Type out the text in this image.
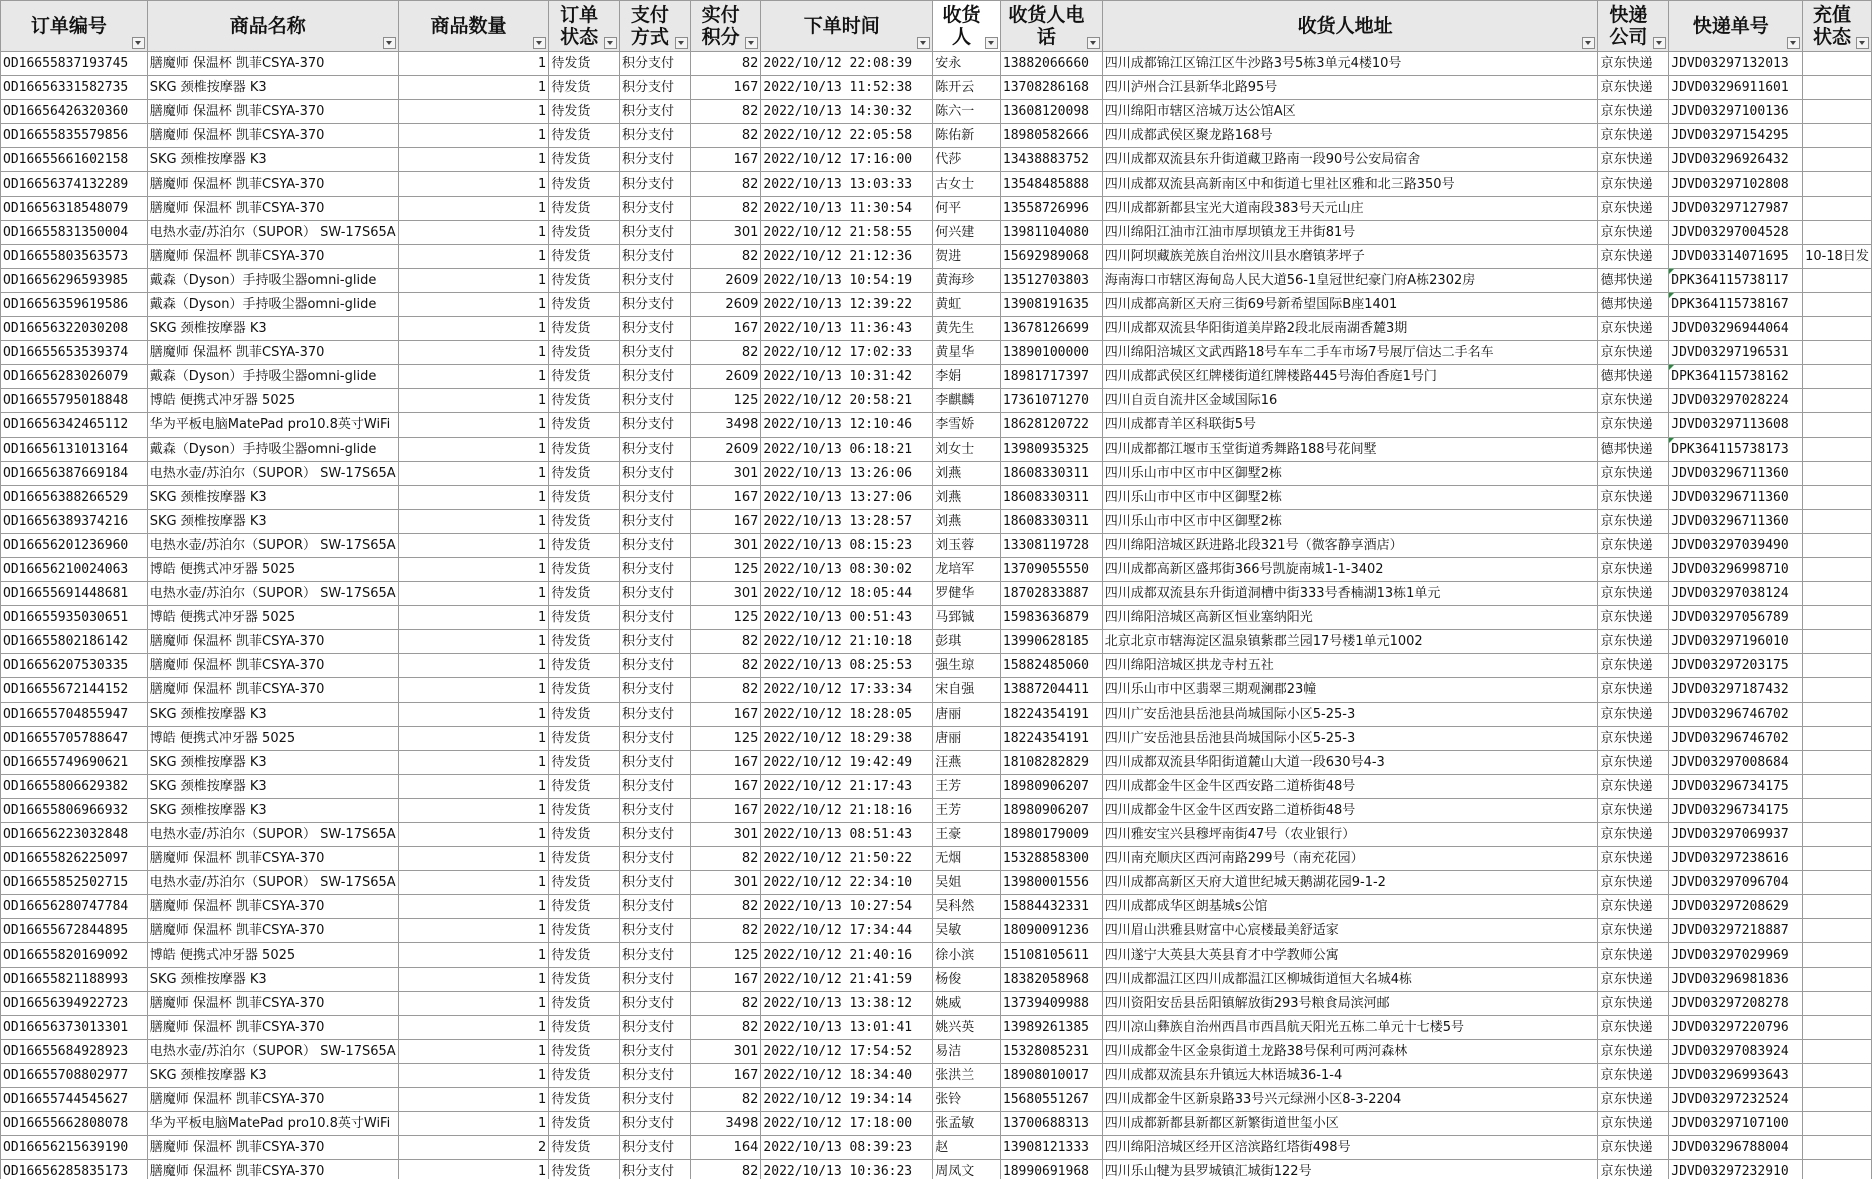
订单编号	商品名称	商品数量	订单状态	支付方式	实付积分	下单时间	收货人	收货人电话	收货人地址	快递公司	快递单号	充值状态

OD16655837193745	膳魔师 保温杯 凯菲CSYA-370	1	待发货	积分支付	82	2022/10/12 22:08:39	安永	13882066660	四川成都锦江区锦江区牛沙路3号5栋3单元4楼10号	京东快递	JDVD03297132013	
OD16656331582735	SKG 颈椎按摩器 K3	1	待发货	积分支付	167	2022/10/13 11:52:38	陈开云	13708286168	四川泸州合江县新华北路95号	京东快递	JDVD03296911601	
OD16656426320360	膳魔师 保温杯 凯菲CSYA-370	1	待发货	积分支付	82	2022/10/13 14:30:32	陈六一	13608120098	四川绵阳市辖区涪城万达公馆A区	京东快递	JDVD03297100136	
OD16655835579856	膳魔师 保温杯 凯菲CSYA-370	1	待发货	积分支付	82	2022/10/12 22:05:58	陈佑新	18980582666	四川成都武侯区聚龙路168号	京东快递	JDVD03297154295	
OD16655661602158	SKG 颈椎按摩器 K3	1	待发货	积分支付	167	2022/10/12 17:16:00	代莎	13438883752	四川成都双流县东升街道藏卫路南一段90号公安局宿舍	京东快递	JDVD03296926432	
OD16656374132289	膳魔师 保温杯 凯菲CSYA-370	1	待发货	积分支付	82	2022/10/13 13:03:33	古女士	13548485888	四川成都双流县高新南区中和街道七里社区雅和北三路350号	京东快递	JDVD03297102808	
OD16656318548079	膳魔师 保温杯 凯菲CSYA-370	1	待发货	积分支付	82	2022/10/13 11:30:54	何平	13558726996	四川成都新都县宝光大道南段383号天元山庄	京东快递	JDVD03297127987	
OD16655831350004	电热水壶/苏泊尔（SUPOR） SW-17S65A	1	待发货	积分支付	301	2022/10/12 21:58:55	何兴建	13981104080	四川绵阳江油市江油市厚坝镇龙王井街81号	京东快递	JDVD03297004528	
OD16655803563573	膳魔师 保温杯 凯菲CSYA-370	1	待发货	积分支付	82	2022/10/12 21:12:36	贺进	15692989068	四川阿坝藏族羌族自治州汶川县水磨镇茅坪子	京东快递	JDVD03314071695	10-18日发
OD16656296593985	戴森（Dyson）手持吸尘器omni-glide	1	待发货	积分支付	2609	2022/10/13 10:54:19	黄海珍	13512703803	海南海口市辖区海甸岛人民大道56-1皇冠世纪豪门府A栋2302房	德邦快递	DPK364115738117	
OD16656359619586	戴森（Dyson）手持吸尘器omni-glide	1	待发货	积分支付	2609	2022/10/13 12:39:22	黄虹	13908191635	四川成都高新区天府三街69号新希望国际B座1401	德邦快递	DPK364115738167	
OD16656322030208	SKG 颈椎按摩器 K3	1	待发货	积分支付	167	2022/10/13 11:36:43	黄先生	13678126699	四川成都双流县华阳街道美岸路2段北辰南湖香麓3期	京东快递	JDVD03296944064	
OD16655653539374	膳魔师 保温杯 凯菲CSYA-370	1	待发货	积分支付	82	2022/10/12 17:02:33	黄星华	13890100000	四川绵阳涪城区文武西路18号车车二手车市场7号展厅信达二手名车	京东快递	JDVD03297196531	
OD16656283026079	戴森（Dyson）手持吸尘器omni-glide	1	待发货	积分支付	2609	2022/10/13 10:31:42	李娟	18981717397	四川成都武侯区红牌楼街道红牌楼路445号海伯香庭1号门	德邦快递	DPK364115738162	
OD16655795018848	博皓 便携式冲牙器 5025	1	待发货	积分支付	125	2022/10/12 20:58:21	李麒麟	17361071270	四川自贡自流井区金域国际16	京东快递	JDVD03297028224	
OD16656342465112	华为平板电脑MatePad pro10.8英寸WiFi	1	待发货	积分支付	3498	2022/10/13 12:10:46	李雪娇	18628120722	四川成都青羊区科联街5号	京东快递	JDVD03297113608	
OD16656131013164	戴森（Dyson）手持吸尘器omni-glide	1	待发货	积分支付	2609	2022/10/13 06:18:21	刘女士	13980935325	四川成都都江堰市玉堂街道秀舞路188号花间墅	德邦快递	DPK364115738173	
OD16656387669184	电热水壶/苏泊尔（SUPOR） SW-17S65A	1	待发货	积分支付	301	2022/10/13 13:26:06	刘燕	18608330311	四川乐山市中区市中区御墅2栋	京东快递	JDVD03296711360	
OD16656388266529	SKG 颈椎按摩器 K3	1	待发货	积分支付	167	2022/10/13 13:27:06	刘燕	18608330311	四川乐山市中区市中区御墅2栋	京东快递	JDVD03296711360	
OD16656389374216	SKG 颈椎按摩器 K3	1	待发货	积分支付	167	2022/10/13 13:28:57	刘燕	18608330311	四川乐山市中区市中区御墅2栋	京东快递	JDVD03296711360	
OD16656201236960	电热水壶/苏泊尔（SUPOR） SW-17S65A	1	待发货	积分支付	301	2022/10/13 08:15:23	刘玉蓉	13308119728	四川绵阳涪城区跃进路北段321号（微客静享酒店）	京东快递	JDVD03297039490	
OD16656210024063	博皓 便携式冲牙器 5025	1	待发货	积分支付	125	2022/10/13 08:30:02	龙培军	13709055550	四川成都高新区盛邦街366号凯旋南城1-1-3402	京东快递	JDVD03296998710	
OD16655691448681	电热水壶/苏泊尔（SUPOR） SW-17S65A	1	待发货	积分支付	301	2022/10/12 18:05:44	罗健华	18702833887	四川成都双流县东升街道洞槽中街333号香楠湖13栋1单元	京东快递	JDVD03297038124	
OD16655935030651	博皓 便携式冲牙器 5025	1	待发货	积分支付	125	2022/10/13 00:51:43	马郅铖	15983636879	四川绵阳涪城区高新区恒业塞纳阳光	京东快递	JDVD03297056789	
OD16655802186142	膳魔师 保温杯 凯菲CSYA-370	1	待发货	积分支付	82	2022/10/12 21:10:18	彭琪	13990628185	北京北京市辖海淀区温泉镇紫郡兰园17号楼1单元1002	京东快递	JDVD03297196010	
OD16656207530335	膳魔师 保温杯 凯菲CSYA-370	1	待发货	积分支付	82	2022/10/13 08:25:53	强生琼	15882485060	四川绵阳涪城区拱龙寺村五社	京东快递	JDVD03297203175	
OD16655672144152	膳魔师 保温杯 凯菲CSYA-370	1	待发货	积分支付	82	2022/10/12 17:33:34	宋自强	13887204411	四川乐山市中区翡翠三期观澜郡23幢	京东快递	JDVD03297187432	
OD16655704855947	SKG 颈椎按摩器 K3	1	待发货	积分支付	167	2022/10/12 18:28:05	唐丽	18224354191	四川广安岳池县岳池县尚城国际小区5-25-3	京东快递	JDVD03296746702	
OD16655705788647	博皓 便携式冲牙器 5025	1	待发货	积分支付	125	2022/10/12 18:29:38	唐丽	18224354191	四川广安岳池县岳池县尚城国际小区5-25-3	京东快递	JDVD03296746702	
OD16655749690621	SKG 颈椎按摩器 K3	1	待发货	积分支付	167	2022/10/12 19:42:49	汪燕	18108282829	四川成都双流县华阳街道麓山大道一段630号4-3	京东快递	JDVD03297008684	
OD16655806629382	SKG 颈椎按摩器 K3	1	待发货	积分支付	167	2022/10/12 21:17:43	王芳	18980906207	四川成都金牛区金牛区西安路二道桥街48号	京东快递	JDVD03296734175	
OD16655806966932	SKG 颈椎按摩器 K3	1	待发货	积分支付	167	2022/10/12 21:18:16	王芳	18980906207	四川成都金牛区金牛区西安路二道桥街48号	京东快递	JDVD03296734175	
OD16656223032848	电热水壶/苏泊尔（SUPOR） SW-17S65A	1	待发货	积分支付	301	2022/10/13 08:51:43	王豪	18980179009	四川雅安宝兴县穆坪南街47号（农业银行）	京东快递	JDVD03297069937	
OD16655826225097	膳魔师 保温杯 凯菲CSYA-370	1	待发货	积分支付	82	2022/10/12 21:50:22	无烟	15328858300	四川南充顺庆区西河南路299号（南充花园）	京东快递	JDVD03297238616	
OD16655852502715	电热水壶/苏泊尔（SUPOR） SW-17S65A	1	待发货	积分支付	301	2022/10/12 22:34:10	吴姐	13980001556	四川成都高新区天府大道世纪城天鹅湖花园9-1-2	京东快递	JDVD03297096704	
OD16656280747784	膳魔师 保温杯 凯菲CSYA-370	1	待发货	积分支付	82	2022/10/13 10:27:54	吴科然	15884432331	四川成都成华区朗基城s公馆	京东快递	JDVD03297208629	
OD16655672844895	膳魔师 保温杯 凯菲CSYA-370	1	待发货	积分支付	82	2022/10/12 17:34:44	吴敏	18090091236	四川眉山洪雅县财富中心宸楼最美舒适家	京东快递	JDVD03297218887	
OD16655820169092	博皓 便携式冲牙器 5025	1	待发货	积分支付	125	2022/10/12 21:40:16	徐小滨	15108105611	四川遂宁大英县大英县育才中学教师公寓	京东快递	JDVD03297029969	
OD16655821188993	SKG 颈椎按摩器 K3	1	待发货	积分支付	167	2022/10/12 21:41:59	杨俊	18382058968	四川成都温江区四川成都温江区柳城街道恒大名城4栋	京东快递	JDVD03296981836	
OD16656394922723	膳魔师 保温杯 凯菲CSYA-370	1	待发货	积分支付	82	2022/10/13 13:38:12	姚威	13739409988	四川资阳安岳县岳阳镇解放街293号粮食局滨河邮	京东快递	JDVD03297208278	
OD16656373013301	膳魔师 保温杯 凯菲CSYA-370	1	待发货	积分支付	82	2022/10/13 13:01:41	姚兴英	13989261385	四川凉山彝族自治州西昌市西昌航天阳光五栋二单元十七楼5号	京东快递	JDVD03297220796	
OD16655684928923	电热水壶/苏泊尔（SUPOR） SW-17S65A	1	待发货	积分支付	301	2022/10/12 17:54:52	易洁	15328085231	四川成都金牛区金泉街道土龙路38号保利可两河森林	京东快递	JDVD03297083924	
OD16655708802977	SKG 颈椎按摩器 K3	1	待发货	积分支付	167	2022/10/12 18:34:40	张洪兰	18908010017	四川成都双流县东升镇远大林语城36-1-4	京东快递	JDVD03296993643	
OD16655744545627	膳魔师 保温杯 凯菲CSYA-370	1	待发货	积分支付	82	2022/10/12 19:34:14	张铃	15680551267	四川成都金牛区新泉路33号兴元绿洲小区8-3-2204	京东快递	JDVD03297232524	
OD16655662808078	华为平板电脑MatePad pro10.8英寸WiFi	1	待发货	积分支付	3498	2022/10/12 17:18:00	张孟敏	13700688313	四川成都新都县新都区新繁街道世玺小区	京东快递	JDVD03297107100	
OD16656215639190	膳魔师 保温杯 凯菲CSYA-370	2	待发货	积分支付	164	2022/10/13 08:39:23	赵	13908121333	四川绵阳涪城区经开区涪滨路红塔街498号	京东快递	JDVD03296788004	
OD16656285835173	膳魔师 保温杯 凯菲CSYA-370	1	待发货	积分支付	82	2022/10/13 10:36:23	周凤文	18990691968	四川乐山犍为县罗城镇汇城街122号	京东快递	JDVD03297232910	
